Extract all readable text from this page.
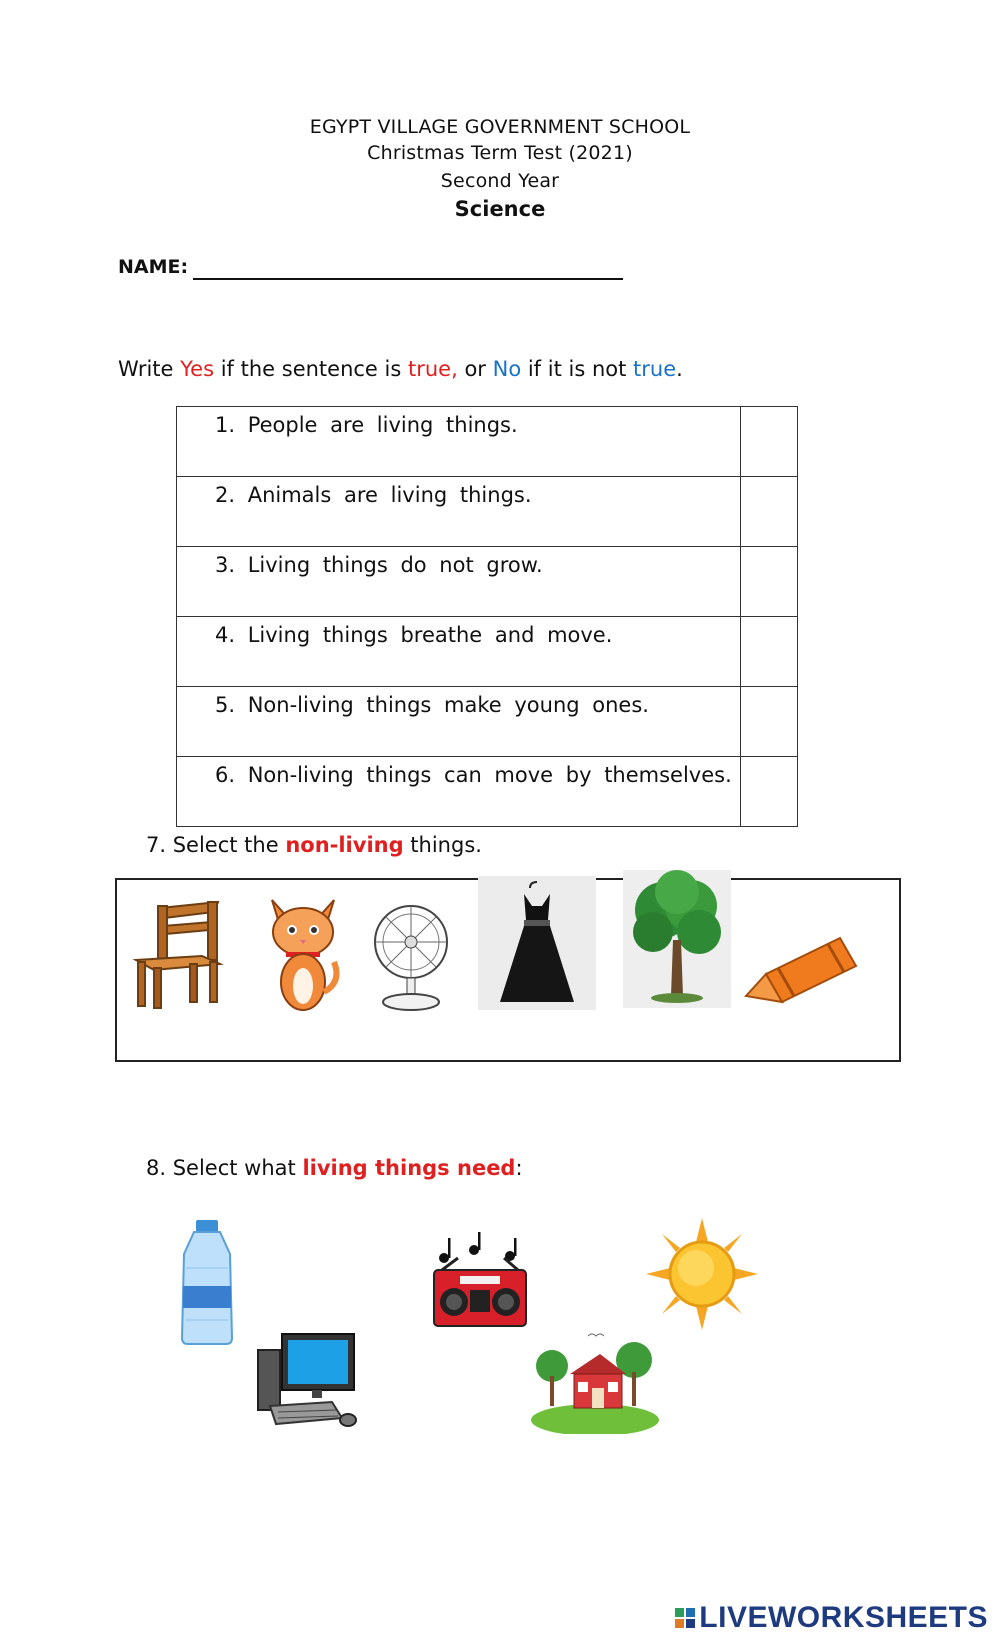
EGYPT VILLAGE GOVERNMENT SCHOOL
Christmas Term Test (2021)
Second Year
Science
NAME:
Write Yes if the sentence is true, or No if it is not true.
1. People are living things.	
2. Animals are living things.	
3. Living things do not grow.	
4. Living things breathe and move.	
5. Non-living things make young ones.	
6. Non-living things can move by themselves.	
7. Select the non-living things.
8. Select what living things need:
LIVEWORKSHEETS
